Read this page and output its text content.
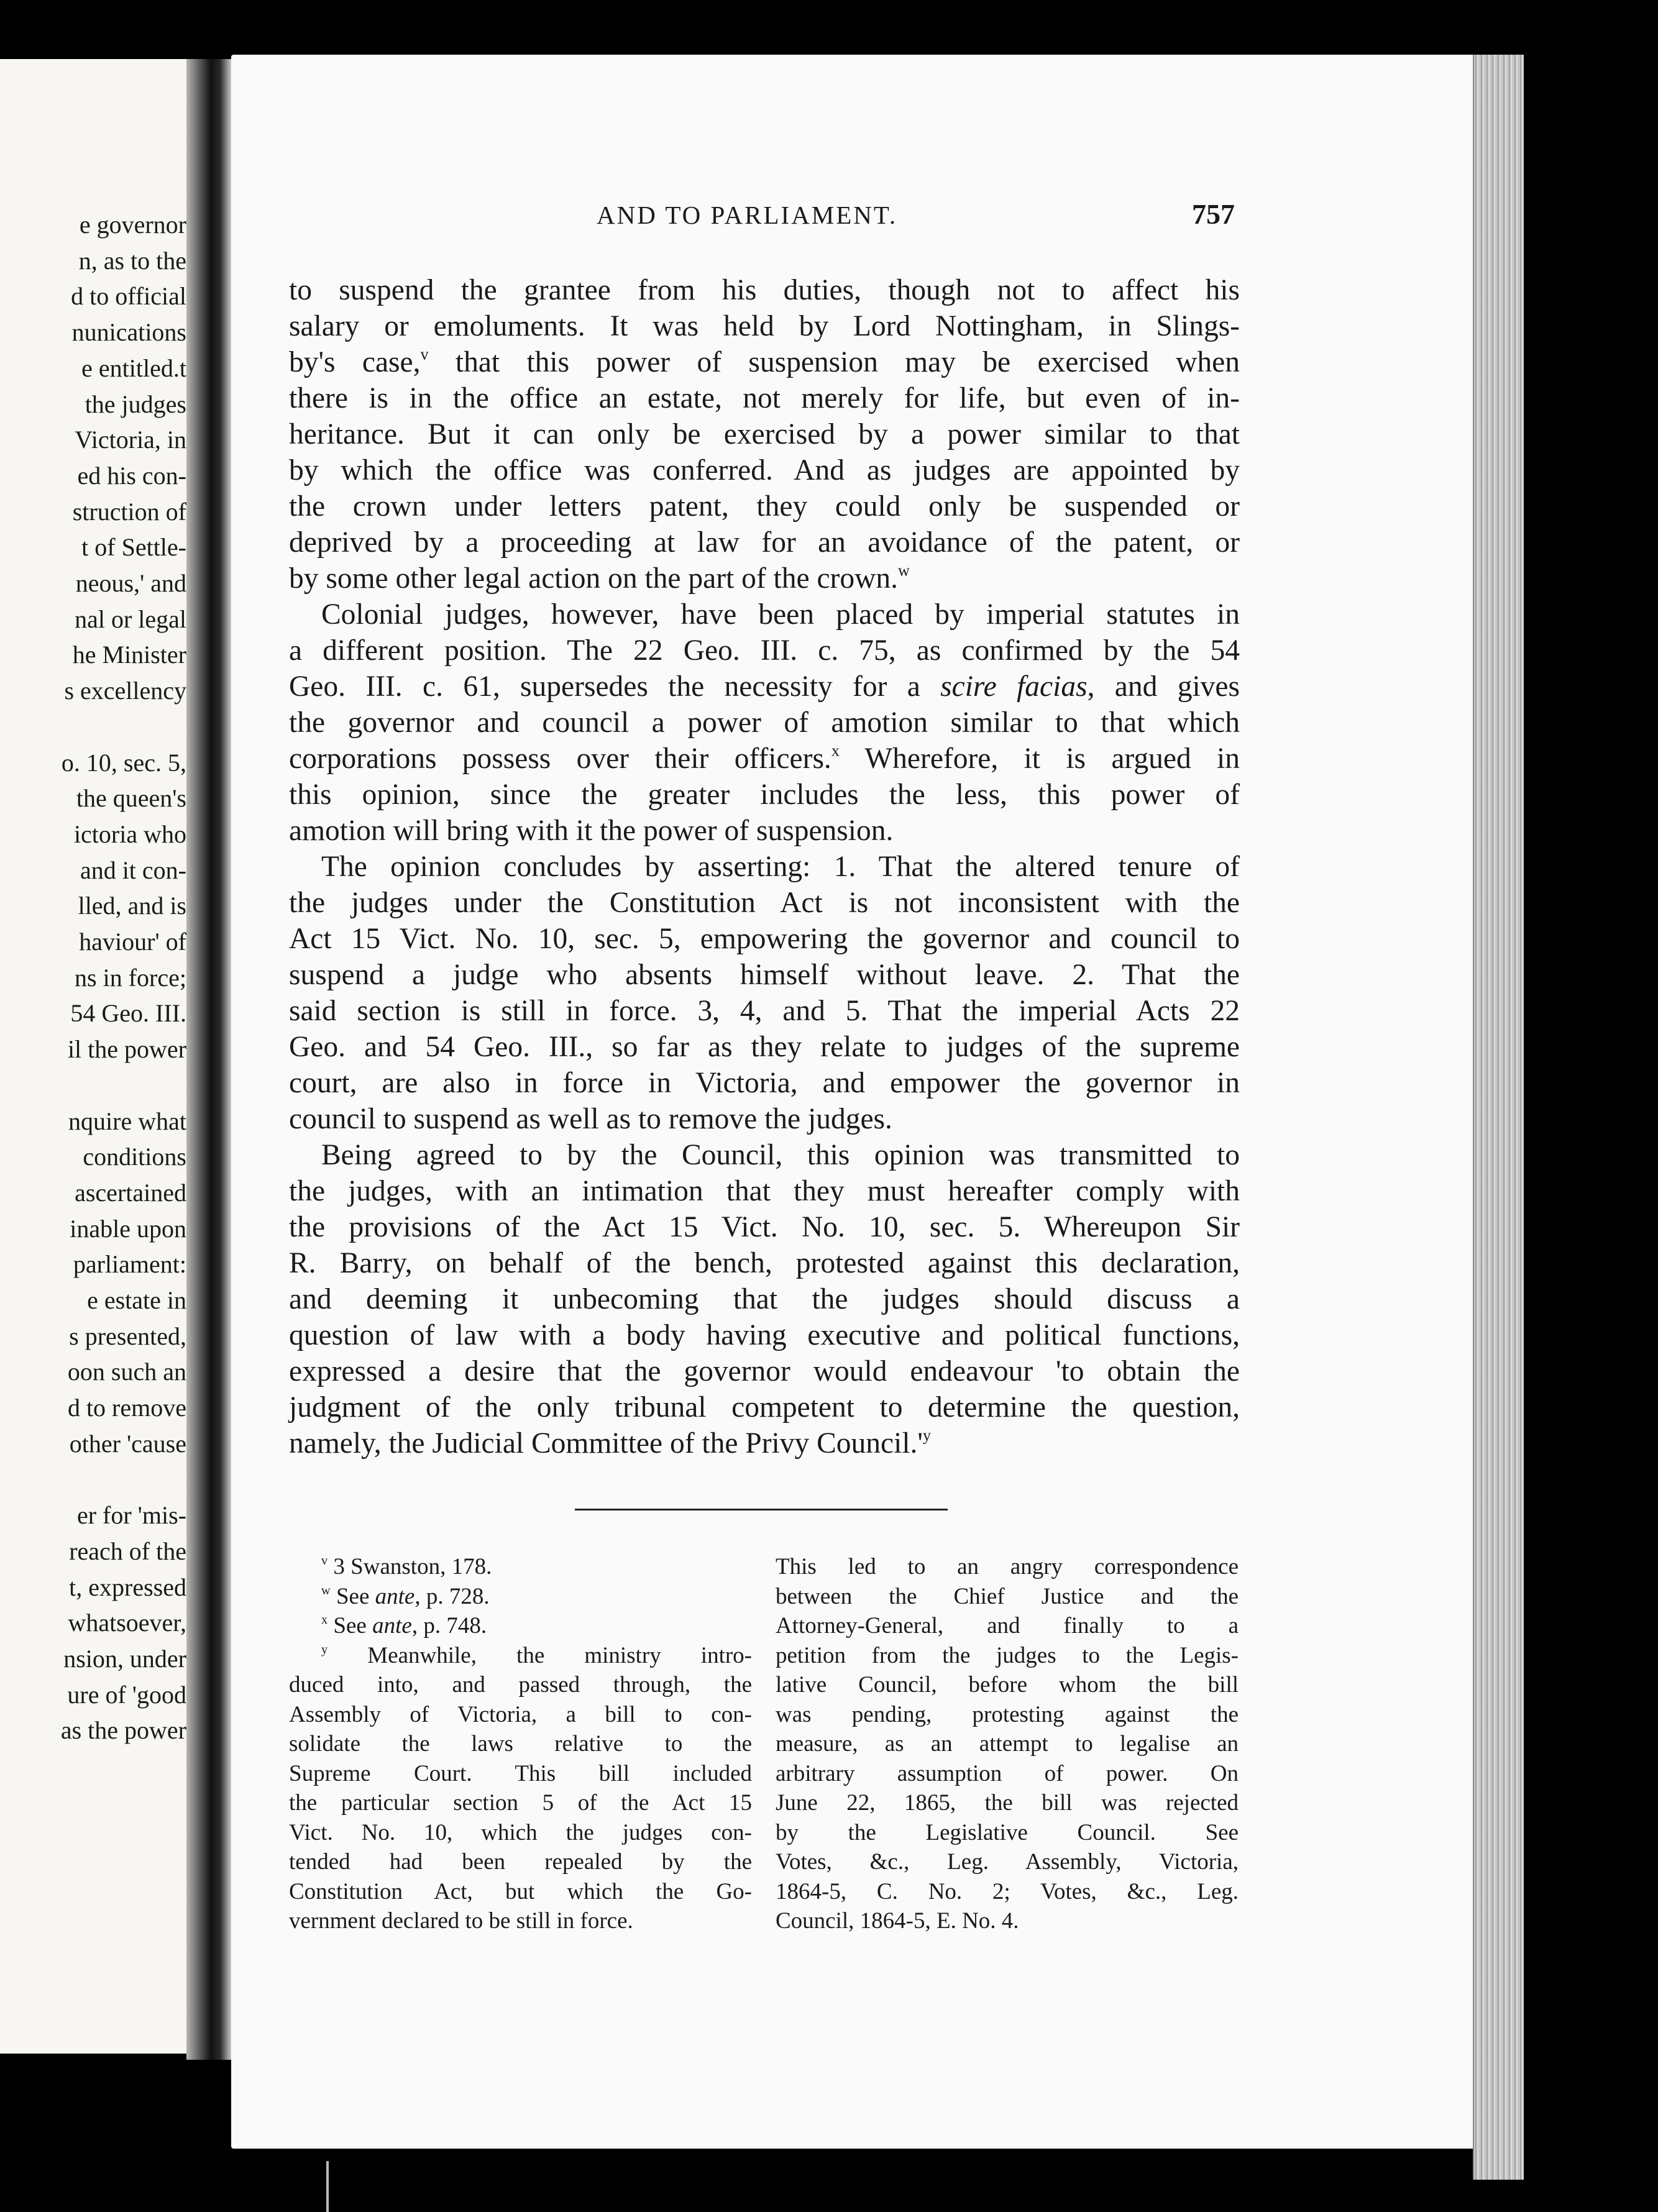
e governor
n, as to the
d to official
nunications
e entitled.t
the judges
Victoria, in
ed his con-
struction of
t of Settle-
neous,' and
nal or legal
he Minister
s excellency
o. 10, sec. 5,
the queen's
ictoria who
and it con-
lled, and is
haviour' of
ns in force;
54 Geo. III.
il the power
nquire what
conditions
ascertained
inable upon
parliament:
e estate in
s presented,
oon such an
d to remove
other 'cause
er for 'mis-
reach of the
t, expressed
whatsoever,
nsion, under
ure of 'good
as the power
AND TO PARLIAMENT.	757

to suspend the grantee from his duties, though not to affect his
salary or emoluments. It was held by Lord Nottingham, in Slings-
by's case,$^v$ that this power of suspension may be exercised when
there is in the office an estate, not merely for life, but even of in-
heritance. But it can only be exercised by a power similar to that
by which the office was conferred. And as judges are appointed by
the crown under letters patent, they could only be suspended or
deprived by a proceeding at law for an avoidance of the patent, or
by some other legal action on the part of the crown.$^w$

Colonial judges, however, have been placed by imperial statutes in
a different position. The 22 Geo. III. c. 75, as confirmed by the 54
Geo. III. c. 61, supersedes the necessity for a scire facias, and gives
the governor and council a power of amotion similar to that which
corporations possess over their officers.$^x$ Wherefore, it is argued in
this opinion, since the greater includes the less, this power of
amotion will bring with it the power of suspension.

The opinion concludes by asserting: 1. That the altered tenure of
the judges under the Constitution Act is not inconsistent with the
Act 15 Vict. No. 10, sec. 5, empowering the governor and council to
suspend a judge who absents himself without leave. 2. That the
said section is still in force. 3, 4, and 5. That the imperial Acts 22
Geo. and 54 Geo. III., so far as they relate to judges of the supreme
court, are also in force in Victoria, and empower the governor in
council to suspend as well as to remove the judges.

Being agreed to by the Council, this opinion was transmitted to
the judges, with an intimation that they must hereafter comply with
the provisions of the Act 15 Vict. No. 10, sec. 5. Whereupon Sir
R. Barry, on behalf of the bench, protested against this declaration,
and deeming it unbecoming that the judges should discuss a
question of law with a body having executive and political functions,
expressed a desire that the governor would endeavour 'to obtain the
judgment of the only tribunal competent to determine the question,
namely, the Judicial Committee of the Privy $Council.'^y$

$^v$ 3 Swanston, 178.
$^w$ See ante, p. 728.
$^x$ See ante, p. 748.
$^y$ Meanwhile, the ministry intro-
duced into, and passed through, the
Assembly of Victoria, a bill to con-
solidate the laws relative to the
Supreme Court. This bill included
the particular section 5 of the Act 15
Vict. No. 10, which the judges con-
tended had been repealed by the
Constitution Act, but which the Go-
vernment declared to be still in force.
This led to an angry correspondence
between the Chief Justice and the
Attorney-General, and finally to a
petition from the judges to the Legis-
lative Council, before whom the bill
was pending, protesting against the
measure, as an attempt to legalise an
arbitrary assumption of power. On
June 22, 1865, the bill was rejected
by the Legislative Council. See
Votes, &c., Leg. Assembly, Victoria,
1864-5, C. No. 2; Votes, &c., Leg.
Council, 1864-5, E. No. 4.
